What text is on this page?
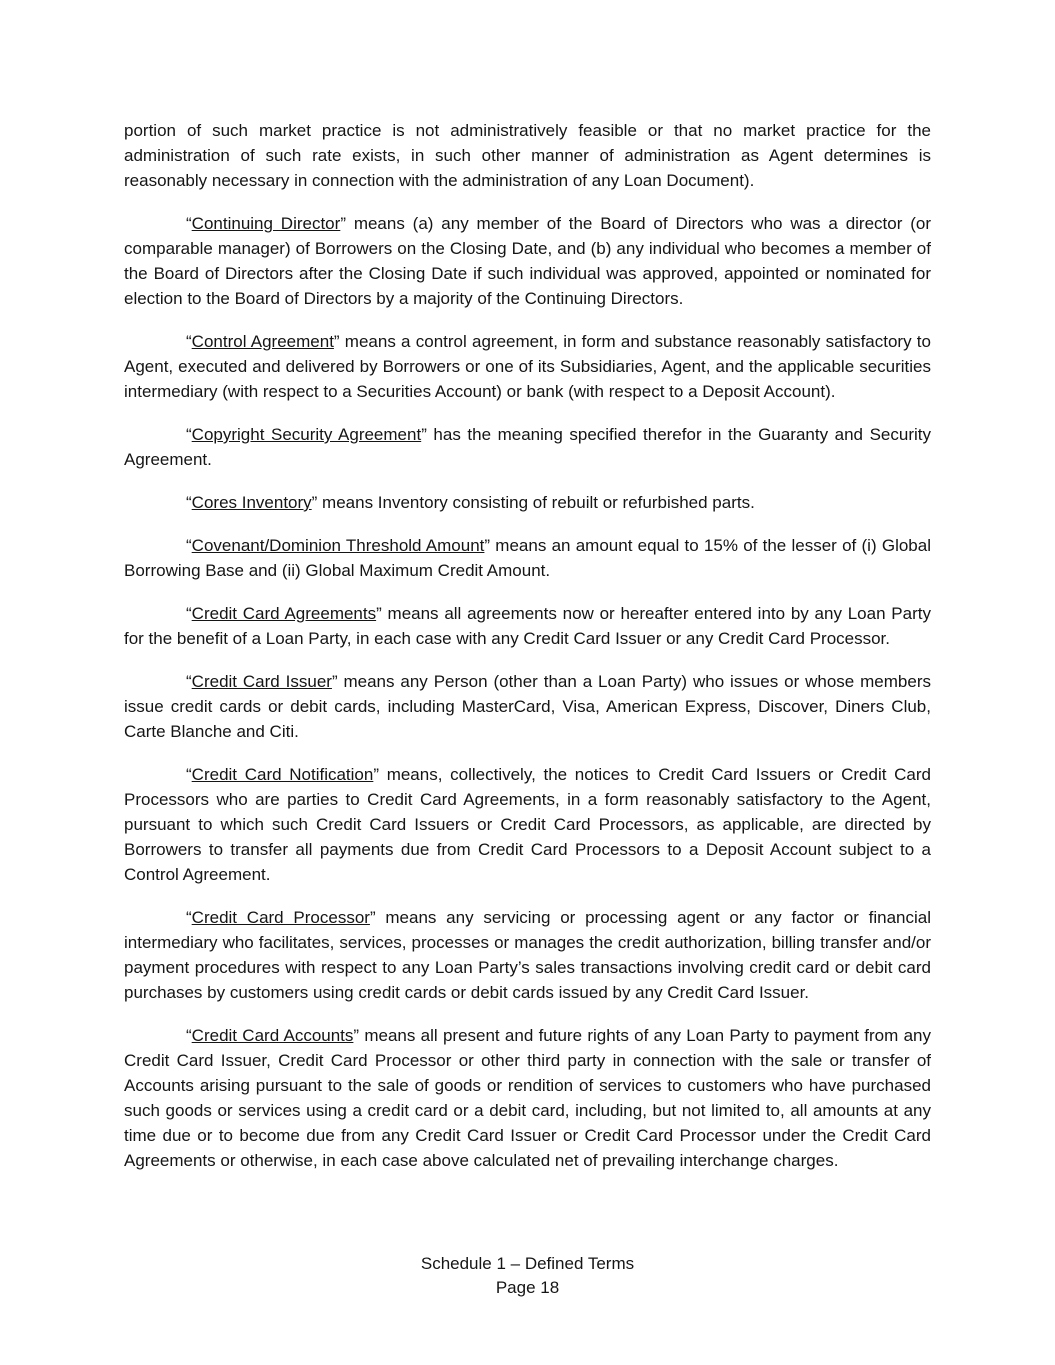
portion of such market practice is not administratively feasible or that no market practice for the administration of such rate exists, in such other manner of administration as Agent determines is reasonably necessary in connection with the administration of any Loan Document).

“Continuing Director” means (a) any member of the Board of Directors who was a director (or comparable manager) of Borrowers on the Closing Date, and (b) any individual who becomes a member of the Board of Directors after the Closing Date if such individual was approved, appointed or nominated for election to the Board of Directors by a majority of the Continuing Directors.

“Control Agreement” means a control agreement, in form and substance reasonably satisfactory to Agent, executed and delivered by Borrowers or one of its Subsidiaries, Agent, and the applicable securities intermediary (with respect to a Securities Account) or bank (with respect to a Deposit Account).

“Copyright Security Agreement” has the meaning specified therefor in the Guaranty and Security Agreement.

“Cores Inventory” means Inventory consisting of rebuilt or refurbished parts.

“Covenant/Dominion Threshold Amount” means an amount equal to 15% of the lesser of (i) Global Borrowing Base and (ii) Global Maximum Credit Amount.

“Credit Card Agreements” means all agreements now or hereafter entered into by any Loan Party for the benefit of a Loan Party, in each case with any Credit Card Issuer or any Credit Card Processor.

“Credit Card Issuer” means any Person (other than a Loan Party) who issues or whose members issue credit cards or debit cards, including MasterCard, Visa, American Express, Discover, Diners Club, Carte Blanche and Citi.

“Credit Card Notification” means, collectively, the notices to Credit Card Issuers or Credit Card Processors who are parties to Credit Card Agreements, in a form reasonably satisfactory to the Agent, pursuant to which such Credit Card Issuers or Credit Card Processors, as applicable, are directed by Borrowers to transfer all payments due from Credit Card Processors to a Deposit Account subject to a Control Agreement.

“Credit Card Processor” means any servicing or processing agent or any factor or financial intermediary who facilitates, services, processes or manages the credit authorization, billing transfer and/or payment procedures with respect to any Loan Party’s sales transactions involving credit card or debit card purchases by customers using credit cards or debit cards issued by any Credit Card Issuer.

“Credit Card Accounts” means all present and future rights of any Loan Party to payment from any Credit Card Issuer, Credit Card Processor or other third party in connection with the sale or transfer of Accounts arising pursuant to the sale of goods or rendition of services to customers who have purchased such goods or services using a credit card or a debit card, including, but not limited to, all amounts at any time due or to become due from any Credit Card Issuer or Credit Card Processor under the Credit Card Agreements or otherwise, in each case above calculated net of prevailing interchange charges.

Schedule 1 – Defined Terms
Page 18
